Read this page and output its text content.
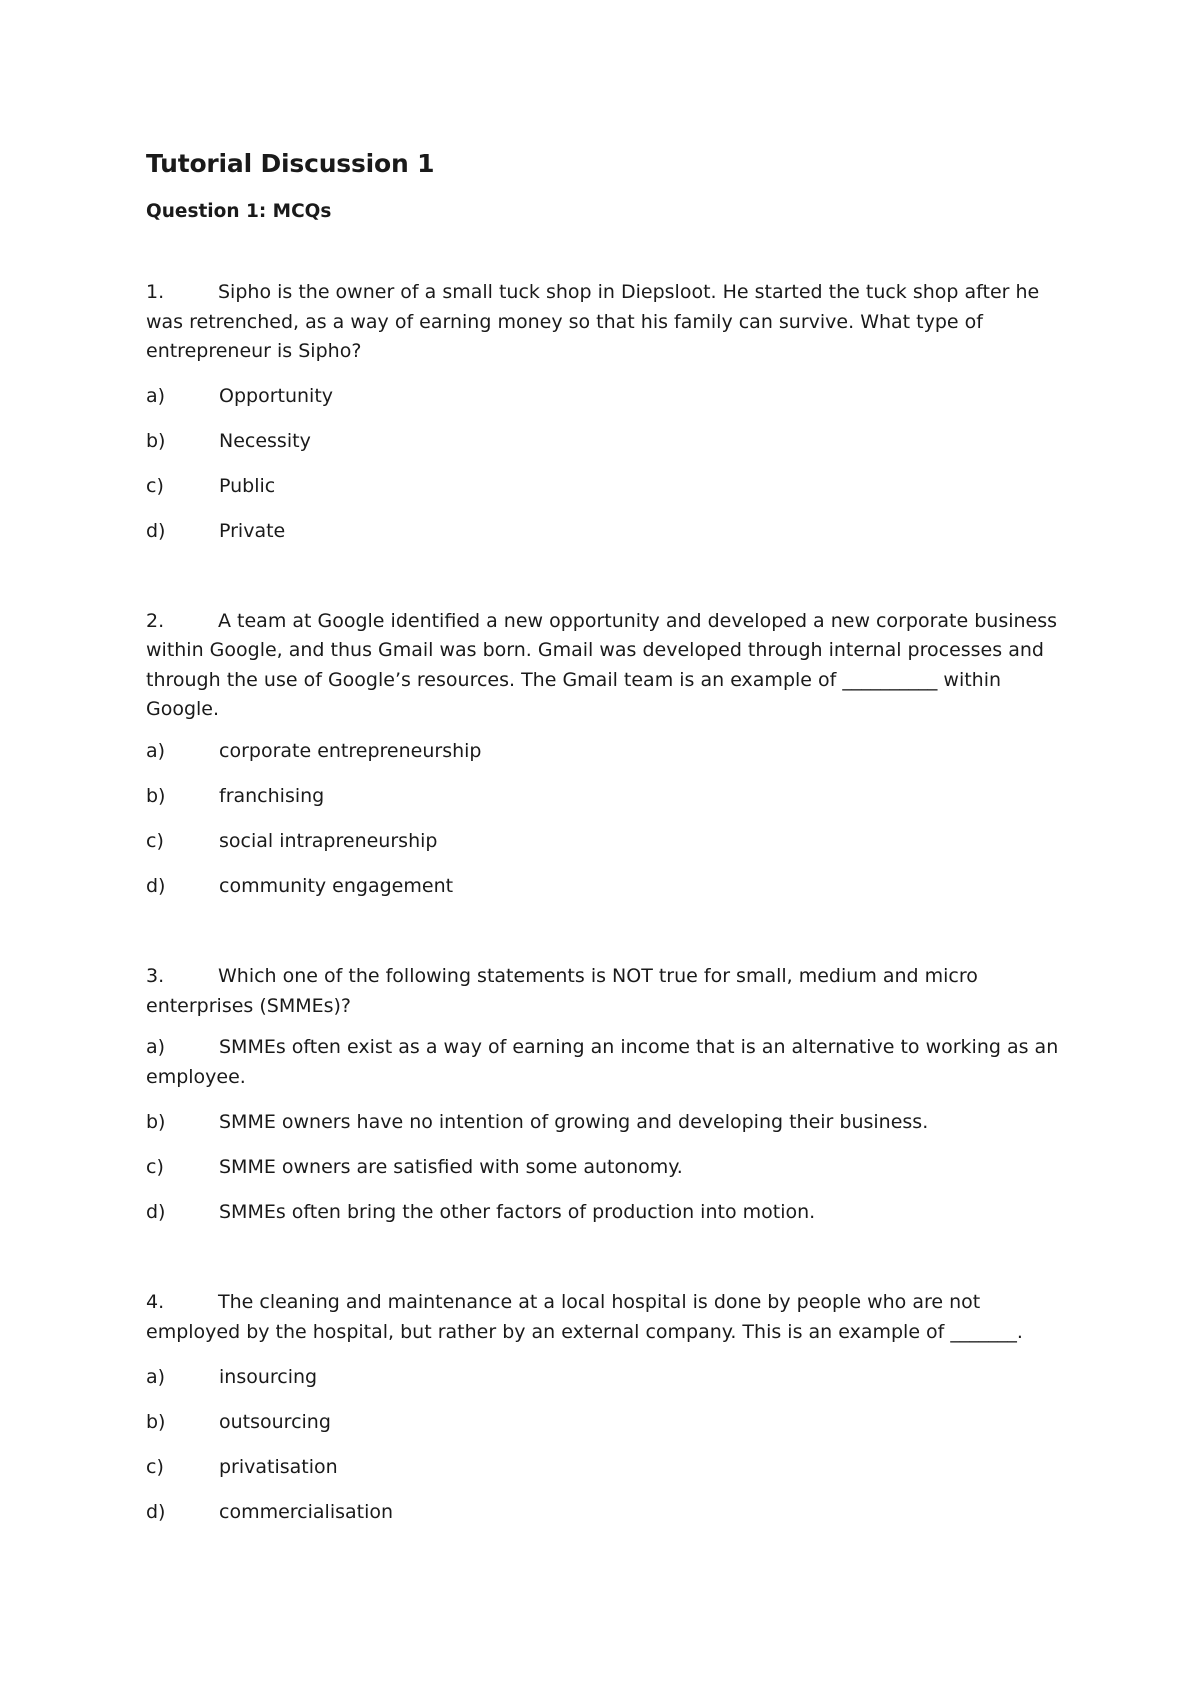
Tutorial Discussion 1
Question 1: MCQs

1.	Sipho is the owner of a small tuck shop in Diepsloot. He started the tuck shop after he was retrenched, as a way of earning money so that his family can survive. What type of entrepreneur is Sipho?

a)	Opportunity
b)	Necessity
c)	Public
d)	Private

2.	A team at Google identified a new opportunity and developed a new corporate business within Google, and thus Gmail was born. Gmail was developed through internal processes and through the use of Google’s resources. The Gmail team is an example of __________ within Google.

a)	corporate entrepreneurship
b)	franchising
c)	social intrapreneurship
d)	community engagement

3.	Which one of the following statements is NOT true for small, medium and micro enterprises (SMMEs)?

a)	SMMEs often exist as a way of earning an income that is an alternative to working as an employee.
b)	SMME owners have no intention of growing and developing their business.
c)	SMME owners are satisfied with some autonomy.
d)	SMMEs often bring the other factors of production into motion.

4.	The cleaning and maintenance at a local hospital is done by people who are not employed by the hospital, but rather by an external company. This is an example of _______.

a)	insourcing
b)	outsourcing
c)	privatisation
d)	commercialisation
